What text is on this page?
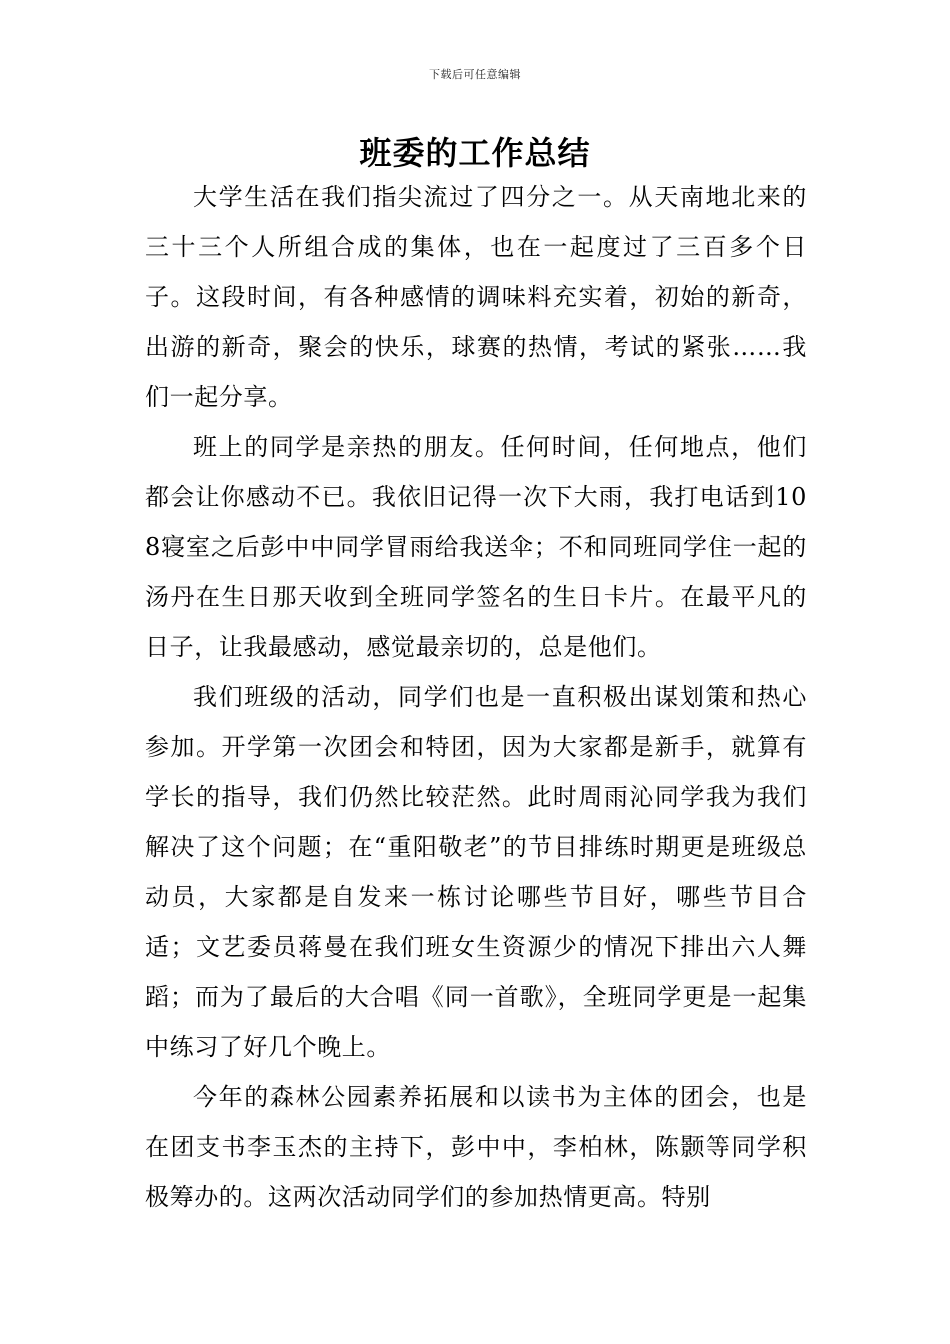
下载后可任意编辑
班委的工作总结

大学生活在我们指尖流过了四分之一。从天南地北来的三十三个人所组合成的集体，也在一起度过了三百多个日子。这段时间，有各种感情的调味料充实着，初始的新奇，出游的新奇，聚会的快乐，球赛的热情，考试的紧张……我们一起分享。

班上的同学是亲热的朋友。任何时间，任何地点，他们都会让你感动不已。我依旧记得一次下大雨，我打电话到108寝室之后彭中中同学冒雨给我送伞；不和同班同学住一起的汤丹在生日那天收到全班同学签名的生日卡片。在最平凡的日子，让我最感动，感觉最亲切的，总是他们。

我们班级的活动，同学们也是一直积极出谋划策和热心参加。开学第一次团会和特团，因为大家都是新手，就算有学长的指导，我们仍然比较茫然。此时周雨沁同学我为我们解决了这个问题；在“重阳敬老”的节目排练时期更是班级总动员，大家都是自发来一栋讨论哪些节目好，哪些节目合适；文艺委员蒋曼在我们班女生资源少的情况下排出六人舞蹈；而为了最后的大合唱《同一首歌》，全班同学更是一起集中练习了好几个晚上。

今年的森林公园素养拓展和以读书为主体的团会，也是在团支书李玉杰的主持下，彭中中，李柏林，陈颢等同学积极筹办的。这两次活动同学们的参加热情更高。特别
